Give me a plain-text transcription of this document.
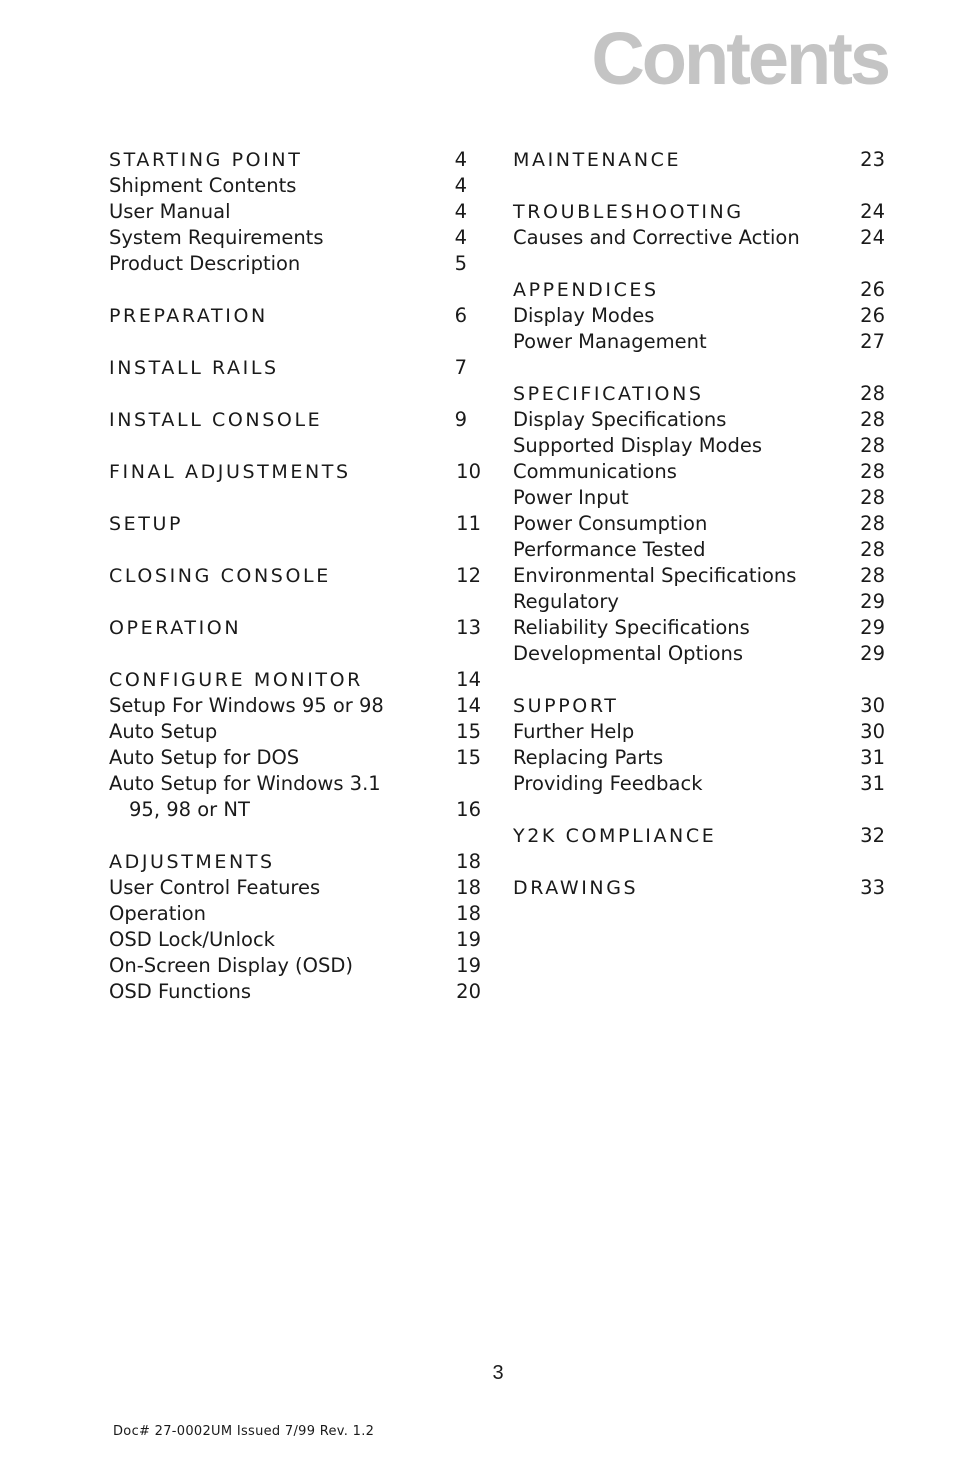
Contents
STARTING POINT	4
Shipment Contents	4
User Manual	4
System Requirements	4
Product Description	5
PREPARATION	6
INSTALL RAILS	7
INSTALL CONSOLE	9
FINAL ADJUSTMENTS	10
SETUP	11
CLOSING CONSOLE	12
OPERATION	13
CONFIGURE MONITOR	14
Setup For Windows 95 or 98	14
Auto Setup	15
Auto Setup for DOS	15
Auto Setup for Windows 3.1
95, 98 or NT	16
ADJUSTMENTS	18
User Control Features	18
Operation	18
OSD Lock/Unlock	19
On-Screen Display (OSD)	19
OSD Functions	20
MAINTENANCE	23
TROUBLESHOOTING	24
Causes and Corrective Action	24
APPENDICES	26
Display Modes	26
Power Management	27
SPECIFICATIONS	28
Display Specifications	28
Supported Display Modes	28
Communications	28
Power Input	28
Power Consumption	28
Performance Tested	28
Environmental Specifications	28
Regulatory	29
Reliability Specifications	29
Developmental Options	29
SUPPORT	30
Further Help	30
Replacing Parts	31
Providing Feedback	31
Y2K COMPLIANCE	32
DRAWINGS	33
3
Doc# 27-0002UM Issued 7/99 Rev. 1.2
